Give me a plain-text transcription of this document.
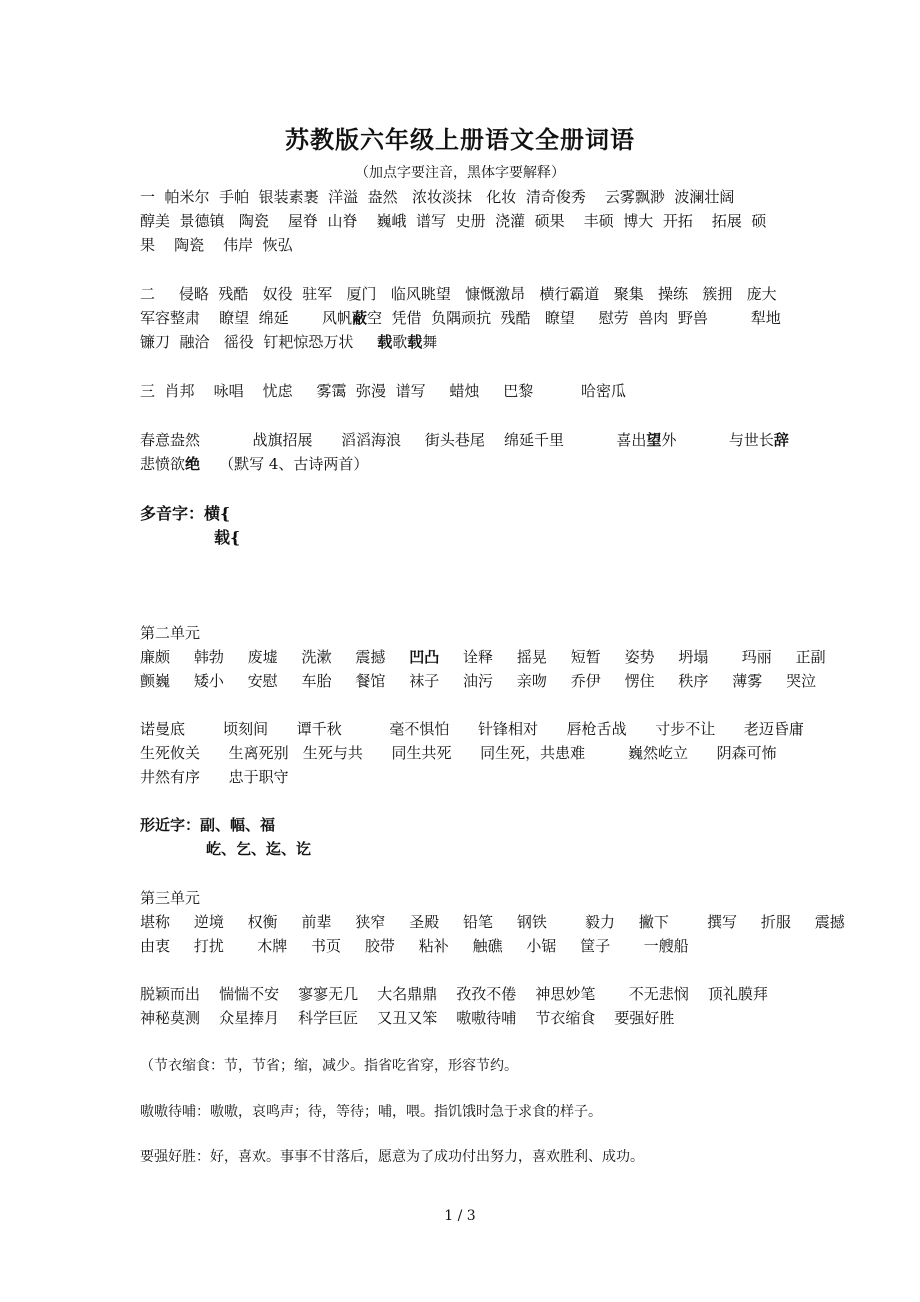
苏教版六年级上册语文全册词语
（加点字要注音，黑体字要解释）
一  帕米尔  手帕  银装素裹  洋溢  盎然   浓妆淡抹   化妆  清奇俊秀    云雾飘渺  波澜壮阔
醇美  景德镇   陶瓷    屋脊  山脊    巍峨  谱写  史册  浇灌  硕果    丰硕  博大  开拓    拓展  硕
果    陶瓷    伟岸  恢弘
二     侵略  残酷   奴役  驻军   厦门   临风眺望   慷慨激昂   横行霸道   聚集   操练   簇拥   庞大
军容整肃    瞭望  绵延       风帆蔽空  凭借  负隅顽抗  残酷   瞭望     慰劳  兽肉  野兽         犁地
镰刀  融洽   徭役  钉耙惊恐万状     载歌载舞
三  肖邦    咏唱    忧虑     雾霭  弥漫  谱写     蜡烛     巴黎          哈密瓜
春意盎然           战旗招展      滔滔海浪     街头巷尾    绵延千里           喜出望外           与世长辞
悲愤欲绝    （默写 4、古诗两首）
多音字：横{
载{
第二单元
廉颇     韩勃     废墟     洗漱     震撼     凹凸     诠释     摇晃     短暂     姿势     坍塌       玛丽     正副
颤巍     矮小     安慰     车胎     餐馆     袜子     油污     亲吻     乔伊     愣住     秩序     薄雾     哭泣
诺曼底        顷刻间      谭千秋          毫不惧怕      针锋相对      唇枪舌战      寸步不让      老迈昏庸
生死攸关      生离死别   生死与共      同生共死      同生死，共患难         巍然屹立      阴森可怖
井然有序      忠于职守
形近字：副、幅、福
屹、乞、迄、讫
第三单元
堪称     逆境     权衡     前辈     狭窄     圣殿     铅笔     钢铁        毅力     撇下        撰写     折服     震撼
由衷     打扰       木牌     书页     胶带     粘补     触礁     小锯     筐子       一艘船
脱颖而出    惴惴不安    寥寥无几    大名鼎鼎    孜孜不倦    神思妙笔       不无悲悯    顶礼膜拜
神秘莫测    众星捧月    科学巨匠    又丑又笨    嗷嗷待哺    节衣缩食    要强好胜
（节衣缩食：节，节省；缩，减少。指省吃省穿，形容节约。
嗷嗷待哺：嗷嗷，哀鸣声；待，等待；哺，喂。指饥饿时急于求食的样子。
要强好胜：好，喜欢。事事不甘落后，愿意为了成功付出努力，喜欢胜利、成功。
1 / 3
